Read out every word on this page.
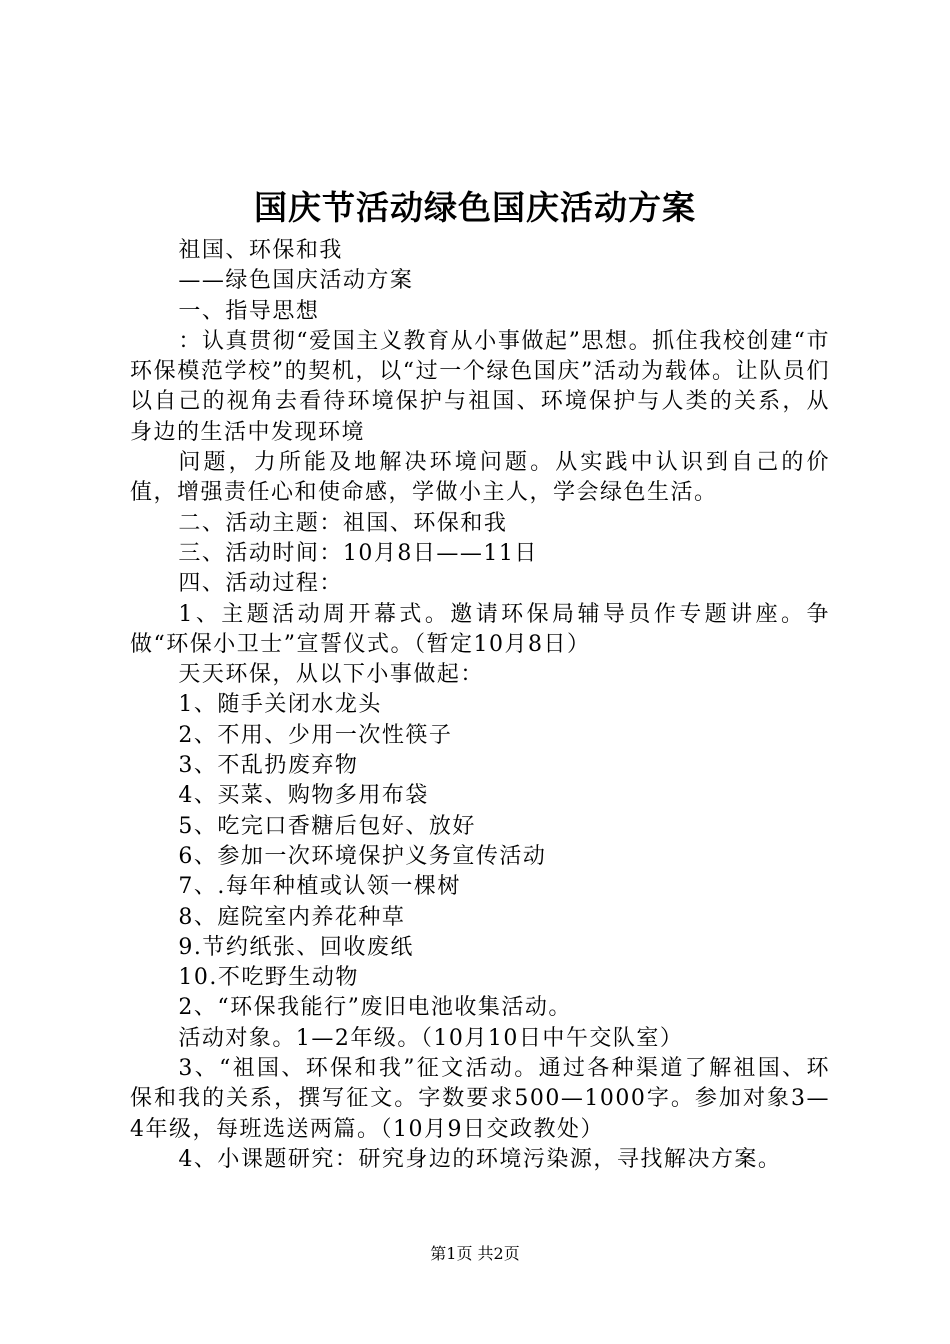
国庆节活动绿色国庆活动方案

祖国、环保和我

——绿色国庆活动方案

一、指导思想

：认真贯彻“爱国主义教育从小事做起”思想。抓住我校创建“市环保模范学校”的契机，以“过一个绿色国庆”活动为载体。让队员们以自己的视角去看待环境保护与祖国、环境保护与人类的关系，从身边的生活中发现环境

问题，力所能及地解决环境问题。从实践中认识到自己的价值，增强责任心和使命感，学做小主人，学会绿色生活。

二、活动主题：祖国、环保和我

三、活动时间：10月8日——11日

四、活动过程：

1、主题活动周开幕式。邀请环保局辅导员作专题讲座。争做“环保小卫士”宣誓仪式。（暂定10月8日）

天天环保，从以下小事做起：

1、随手关闭水龙头

2、不用、少用一次性筷子

3、不乱扔废弃物

4、买菜、购物多用布袋

5、吃完口香糖后包好、放好

6、参加一次环境保护义务宣传活动

7、.每年种植或认领一棵树

8、庭院室内养花种草

9.节约纸张、回收废纸

10.不吃野生动物

2、“环保我能行”废旧电池收集活动。

活动对象。1—2年级。（10月10日中午交队室）

3、“祖国、环保和我”征文活动。通过各种渠道了解祖国、环保和我的关系，撰写征文。字数要求500—1000字。参加对象3—4年级，每班选送两篇。（10月9日交政教处）

4、小课题研究：研究身边的环境污染源，寻找解决方案。

第1页 共2页
